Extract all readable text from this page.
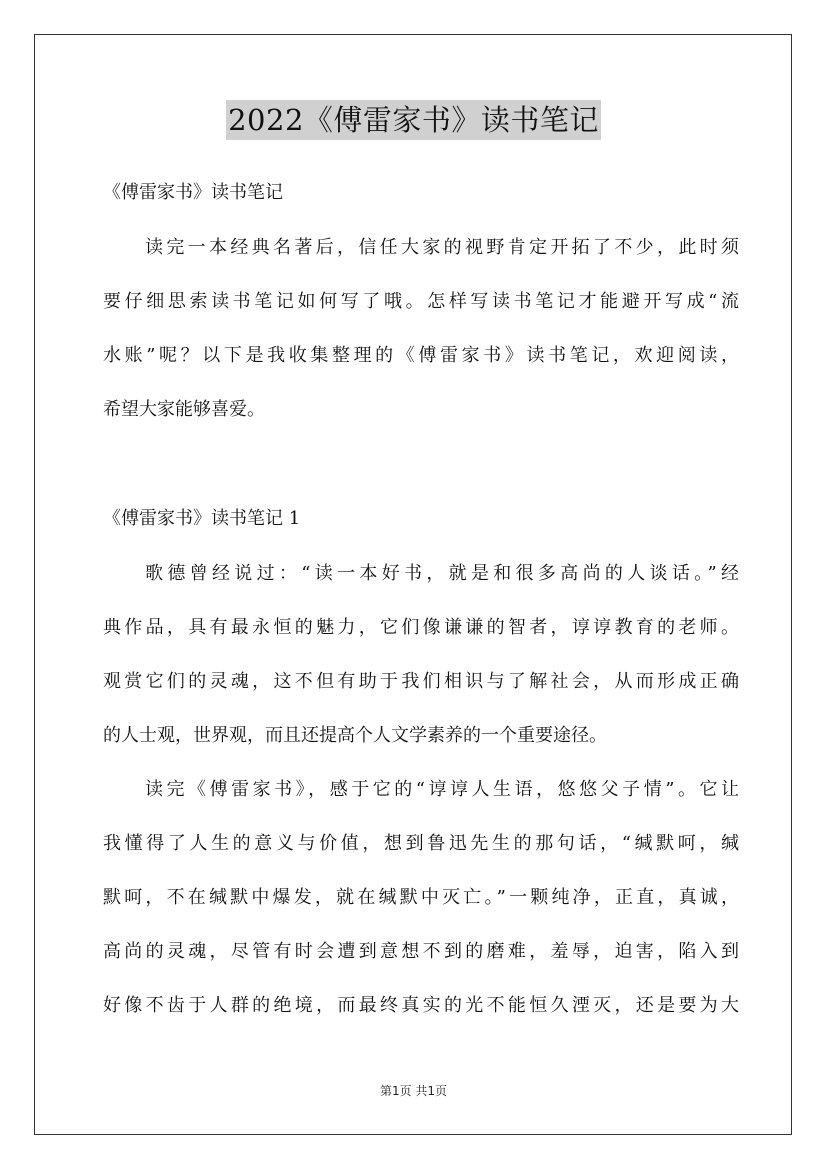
2022《傅雷家书》读书笔记
《傅雷家书》读书笔记
读完一本经典名著后，信任大家的视野肯定开拓了不少，此时须
要仔细思索读书笔记如何写了哦。怎样写读书笔记才能避开写成“流
水账”呢？以下是我收集整理的《傅雷家书》读书笔记，欢迎阅读，
希望大家能够喜爱。
《傅雷家书》读书笔记 1
歌德曾经说过：“读一本好书，就是和很多高尚的人谈话。”经
典作品，具有最永恒的魅力，它们像谦谦的智者，谆谆教育的老师。
观赏它们的灵魂，这不但有助于我们相识与了解社会，从而形成正确
的人士观，世界观，而且还提高个人文学素养的一个重要途径。
读完《傅雷家书》，感于它的“谆谆人生语，悠悠父子情”。它让
我懂得了人生的意义与价值，想到鲁迅先生的那句话，“缄默呵，缄
默呵，不在缄默中爆发，就在缄默中灭亡。”一颗纯净，正直，真诚，
高尚的灵魂，尽管有时会遭到意想不到的磨难，羞辱，迫害，陷入到
好像不齿于人群的绝境，而最终真实的光不能恒久湮灭，还是要为大
第1页 共1页
